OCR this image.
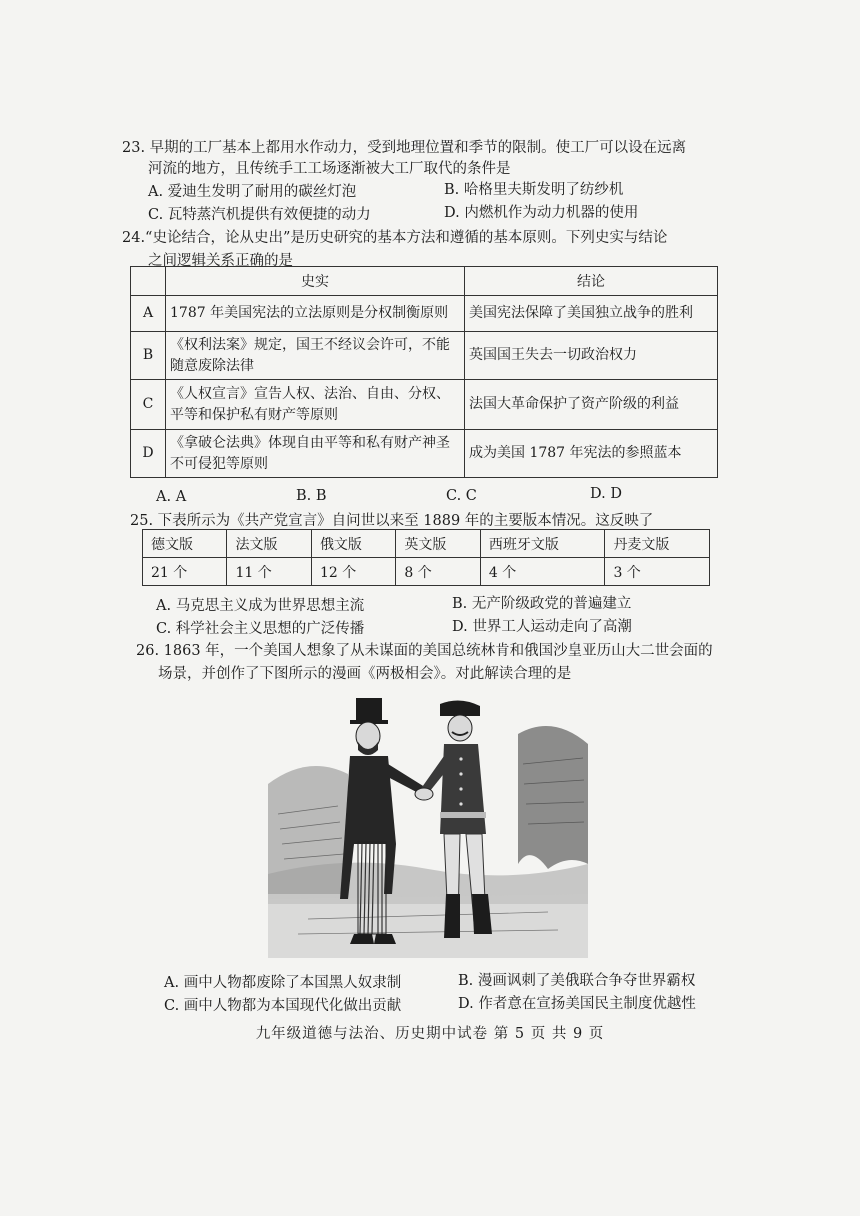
23. 早期的工厂基本上都用水作动力，受到地理位置和季节的限制。使工厂可以设在远离
河流的地方，且传统手工工场逐渐被大工厂取代的条件是
A. 爱迪生发明了耐用的碳丝灯泡	B. 哈格里夫斯发明了纺纱机
C. 瓦特蒸汽机提供有效便捷的动力	D. 内燃机作为动力机器的使用
24.“史论结合，论从史出”是历史研究的基本方法和遵循的基本原则。下列史实与结论
之间逻辑关系正确的是
	史实	结论
A	1787 年美国宪法的立法原则是分权制衡原则	美国宪法保障了美国独立战争的胜利
B	《权利法案》规定，国王不经议会许可，不能随意废除法律	英国国王失去一切政治权力
C	《人权宣言》宣告人权、法治、自由、分权、平等和保护私有财产等原则	法国大革命保护了资产阶级的利益
D	《拿破仑法典》体现自由平等和私有财产神圣不可侵犯等原则	成为美国 1787 年宪法的参照蓝本
A. A	B. B	C. C	D. D
25. 下表所示为《共产党宣言》自问世以来至 1889 年的主要版本情况。这反映了
德文版	法文版	俄文版	英文版	西班牙文版	丹麦文版
21 个	11 个	12 个	8 个	4 个	3 个
A. 马克思主义成为世界思想主流	B. 无产阶级政党的普遍建立
C. 科学社会主义思想的广泛传播	D. 世界工人运动走向了高潮
26. 1863 年，一个美国人想象了从未谋面的美国总统林肯和俄国沙皇亚历山大二世会面的
场景，并创作了下图所示的漫画《两极相会》。对此解读合理的是
A. 画中人物都废除了本国黑人奴隶制	B. 漫画讽刺了美俄联合争夺世界霸权
C. 画中人物都为本国现代化做出贡献	D. 作者意在宣扬美国民主制度优越性
九年级道德与法治、历史期中试卷 第 5 页 共 9 页
